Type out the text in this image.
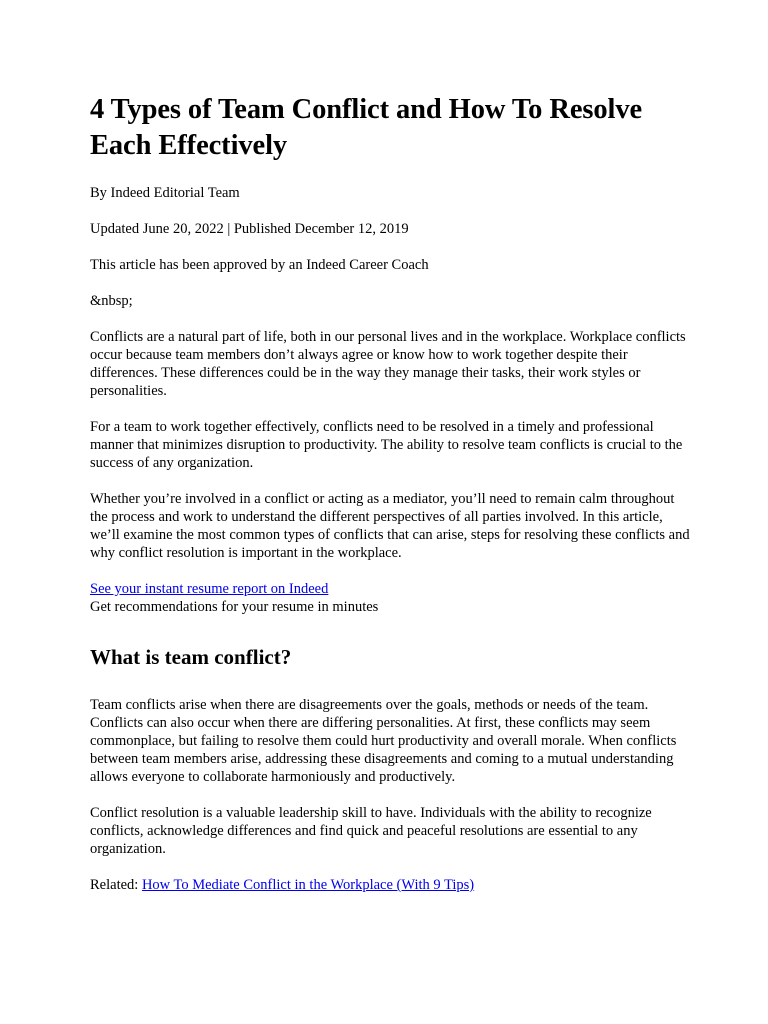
4 Types of Team Conflict and How To Resolve Each Effectively

By Indeed Editorial Team

Updated June 20, 2022 | Published December 12, 2019

This article has been approved by an Indeed Career Coach

&nbsp;

Conflicts are a natural part of life, both in our personal lives and in the workplace. Workplace conflicts occur because team members don’t always agree or know how to work together despite their differences. These differences could be in the way they manage their tasks, their work styles or personalities.

For a team to work together effectively, conflicts need to be resolved in a timely and professional manner that minimizes disruption to productivity. The ability to resolve team conflicts is crucial to the success of any organization.

Whether you’re involved in a conflict or acting as a mediator, you’ll need to remain calm throughout the process and work to understand the different perspectives of all parties involved. In this article, we’ll examine the most common types of conflicts that can arise, steps for resolving these conflicts and why conflict resolution is important in the workplace.

See your instant resume report on Indeed

Get recommendations for your resume in minutes

What is team conflict?

Team conflicts arise when there are disagreements over the goals, methods or needs of the team. Conflicts can also occur when there are differing personalities. At first, these conflicts may seem commonplace, but failing to resolve them could hurt productivity and overall morale. When conflicts between team members arise, addressing these disagreements and coming to a mutual understanding allows everyone to collaborate harmoniously and productively.

Conflict resolution is a valuable leadership skill to have. Individuals with the ability to recognize conflicts, acknowledge differences and find quick and peaceful resolutions are essential to any organization.

Related: How To Mediate Conflict in the Workplace (With 9 Tips)
